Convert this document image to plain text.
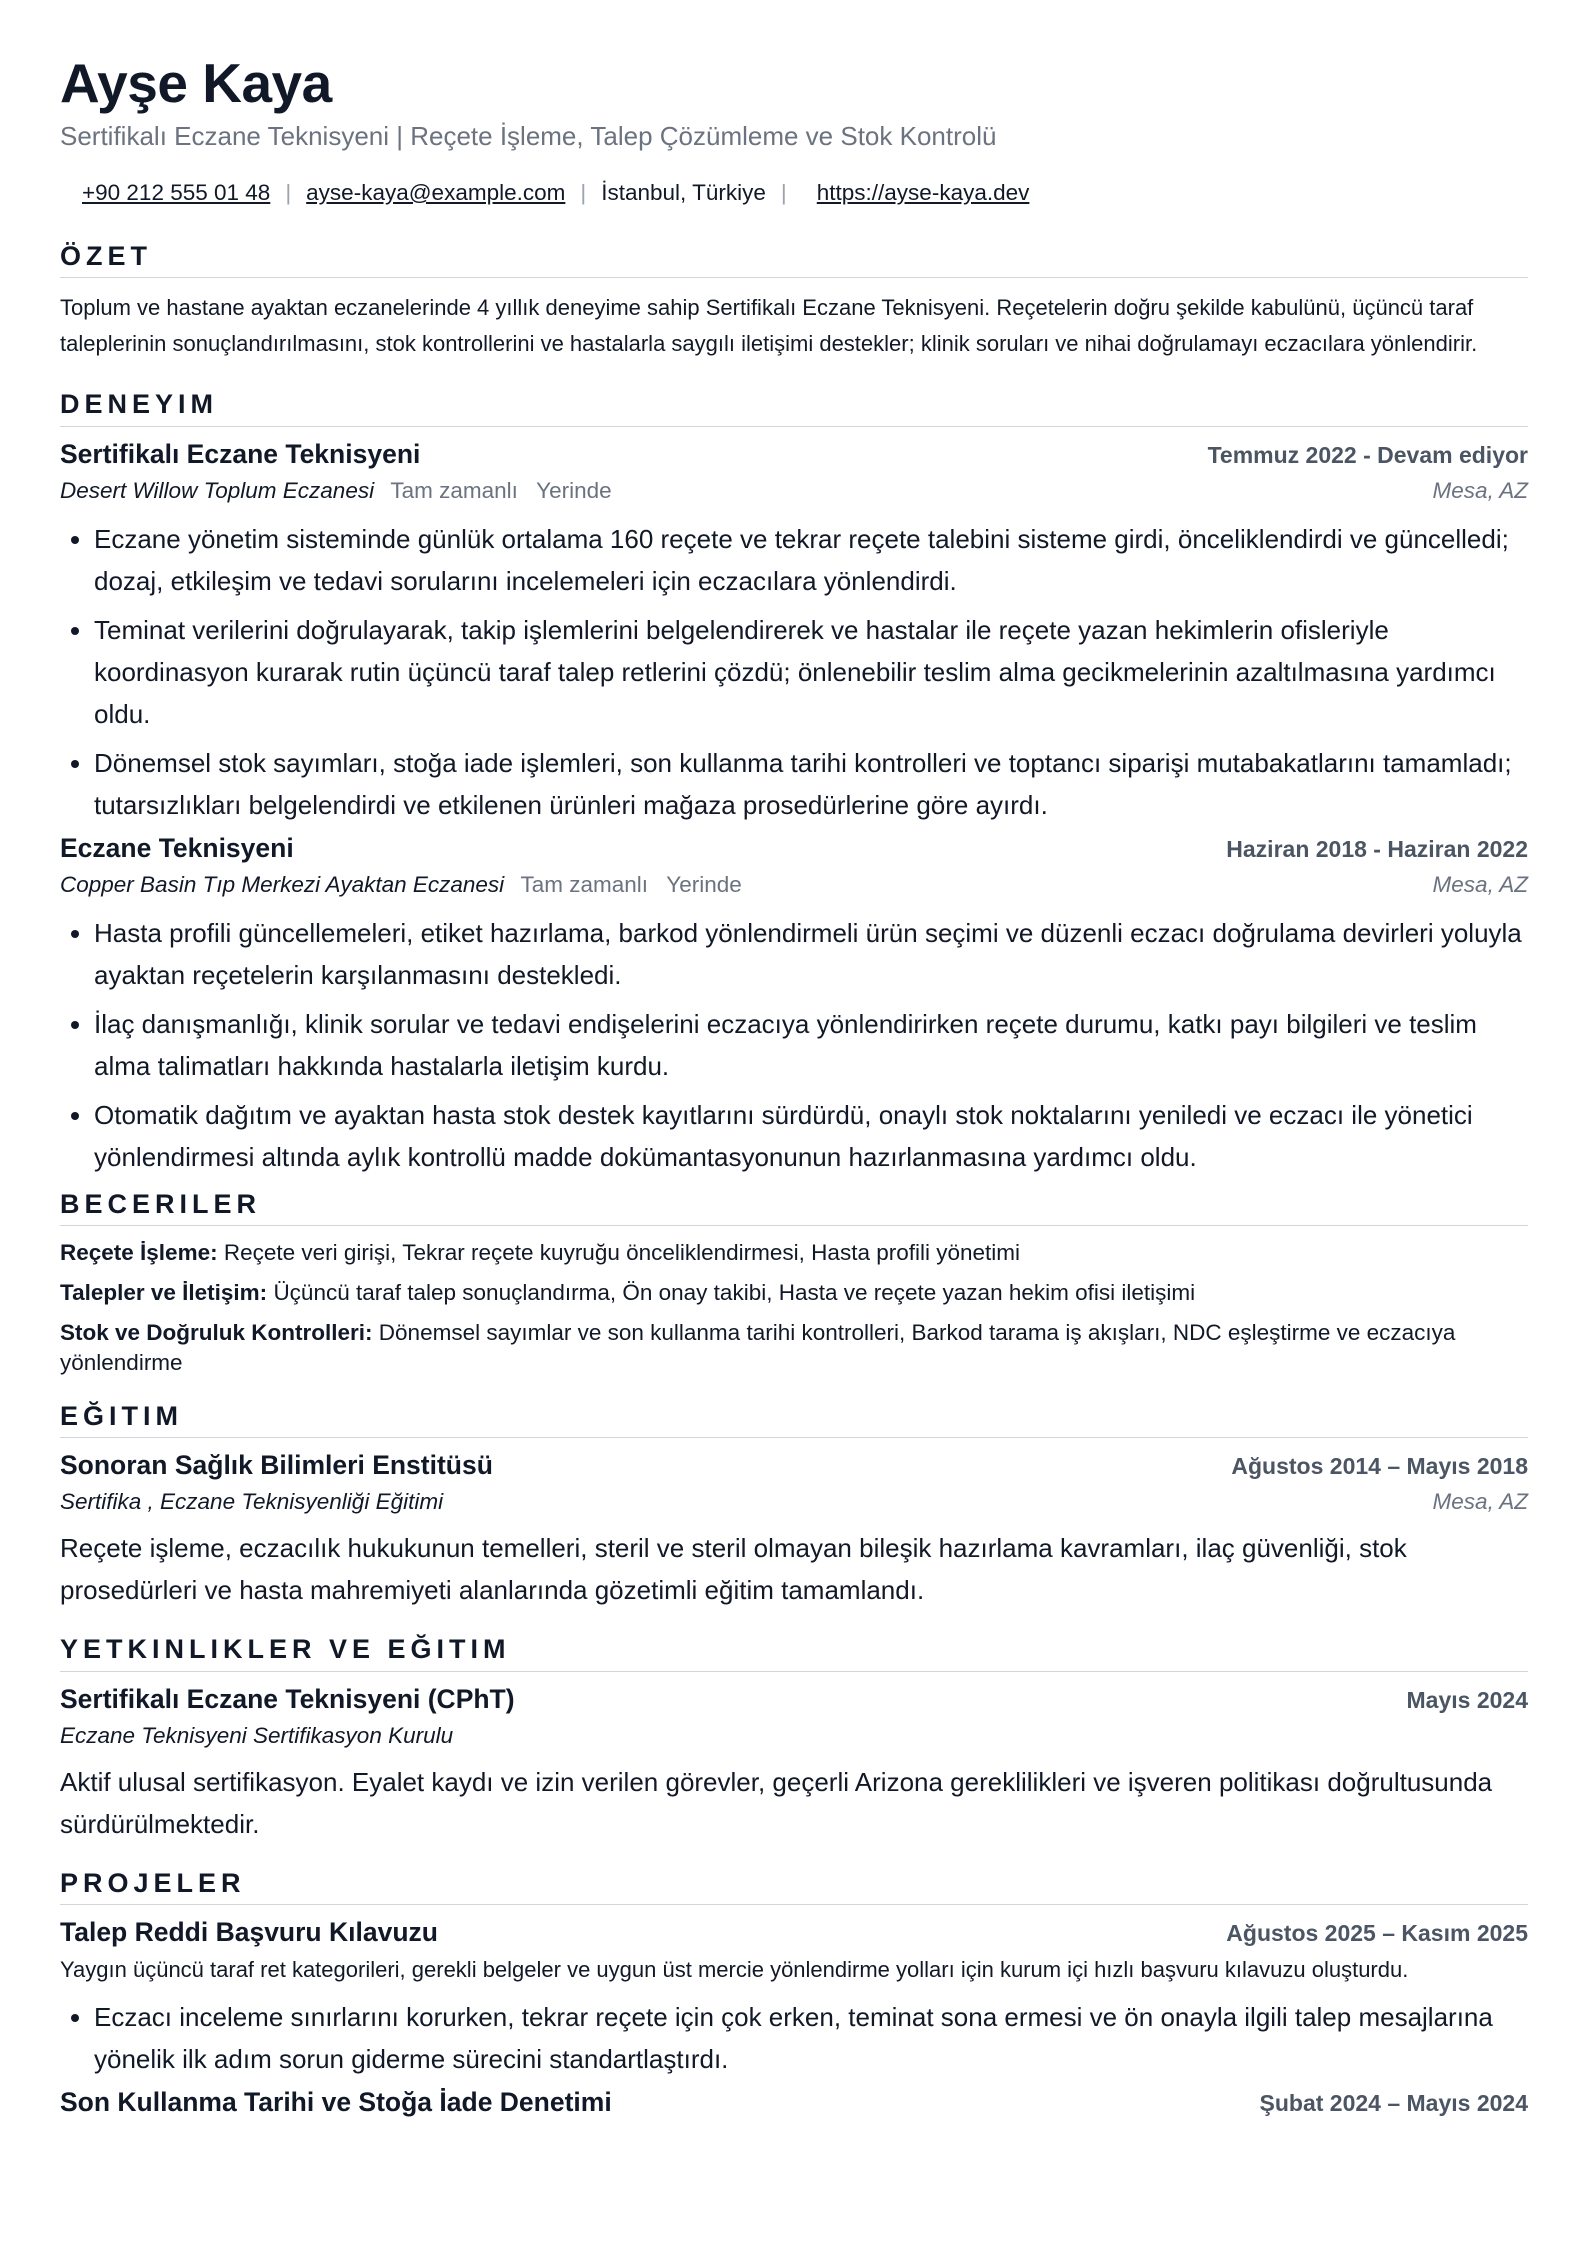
Ayşe Kaya
Sertifikalı Eczane Teknisyeni | Reçete İşleme, Talep Çözümleme ve Stok Kontrolü
+90 212 555 01 48 | ayse-kaya@example.com | İstanbul, Türkiye | https://ayse-kaya.dev
ÖZET
Toplum ve hastane ayaktan eczanelerinde 4 yıllık deneyime sahip Sertifikalı Eczane Teknisyeni. Reçetelerin doğru şekilde kabulünü, üçüncü taraf taleplerinin sonuçlandırılmasını, stok kontrollerini ve hastalarla saygılı iletişimi destekler; klinik soruları ve nihai doğrulamayı eczacılara yönlendirir.
DENEYIM
Sertifikalı Eczane Teknisyeni	Temmuz 2022 - Devam ediyor
Desert Willow Toplum Eczanesi Tam zamanlı Yerinde	Mesa, AZ
• Eczane yönetim sisteminde günlük ortalama 160 reçete ve tekrar reçete talebini sisteme girdi, önceliklendirdi ve güncelledi; dozaj, etkileşim ve tedavi sorularını incelemeleri için eczacılara yönlendirdi.
• Teminat verilerini doğrulayarak, takip işlemlerini belgelendirerek ve hastalar ile reçete yazan hekimlerin ofisleriyle koordinasyon kurarak rutin üçüncü taraf talep retlerini çözdü; önlenebilir teslim alma gecikmelerinin azaltılmasına yardımcı oldu.
• Dönemsel stok sayımları, stoğa iade işlemleri, son kullanma tarihi kontrolleri ve toptancı siparişi mutabakatlarını tamamladı; tutarsızlıkları belgelendirdi ve etkilenen ürünleri mağaza prosedürlerine göre ayırdı.
Eczane Teknisyeni	Haziran 2018 - Haziran 2022
Copper Basin Tıp Merkezi Ayaktan Eczanesi Tam zamanlı Yerinde	Mesa, AZ
• Hasta profili güncellemeleri, etiket hazırlama, barkod yönlendirmeli ürün seçimi ve düzenli eczacı doğrulama devirleri yoluyla ayaktan reçetelerin karşılanmasını destekledi.
• İlaç danışmanlığı, klinik sorular ve tedavi endişelerini eczacıya yönlendirirken reçete durumu, katkı payı bilgileri ve teslim alma talimatları hakkında hastalarla iletişim kurdu.
• Otomatik dağıtım ve ayaktan hasta stok destek kayıtlarını sürdürdü, onaylı stok noktalarını yeniledi ve eczacı ile yönetici yönlendirmesi altında aylık kontrollü madde dokümantasyonunun hazırlanmasına yardımcı oldu.
BECERILER
Reçete İşleme: Reçete veri girişi, Tekrar reçete kuyruğu önceliklendirmesi, Hasta profili yönetimi
Talepler ve İletişim: Üçüncü taraf talep sonuçlandırma, Ön onay takibi, Hasta ve reçete yazan hekim ofisi iletişimi
Stok ve Doğruluk Kontrolleri: Dönemsel sayımlar ve son kullanma tarihi kontrolleri, Barkod tarama iş akışları, NDC eşleştirme ve eczacıya yönlendirme
EĞITIM
Sonoran Sağlık Bilimleri Enstitüsü	Ağustos 2014 – Mayıs 2018
Sertifika , Eczane Teknisyenliği Eğitimi	Mesa, AZ
Reçete işleme, eczacılık hukukunun temelleri, steril ve steril olmayan bileşik hazırlama kavramları, ilaç güvenliği, stok prosedürleri ve hasta mahremiyeti alanlarında gözetimli eğitim tamamlandı.
YETKINLIKLER VE EĞITIM
Sertifikalı Eczane Teknisyeni (CPhT)	Mayıs 2024
Eczane Teknisyeni Sertifikasyon Kurulu
Aktif ulusal sertifikasyon. Eyalet kaydı ve izin verilen görevler, geçerli Arizona gereklilikleri ve işveren politikası doğrultusunda sürdürülmektedir.
PROJELER
Talep Reddi Başvuru Kılavuzu	Ağustos 2025 – Kasım 2025
Yaygın üçüncü taraf ret kategorileri, gerekli belgeler ve uygun üst mercie yönlendirme yolları için kurum içi hızlı başvuru kılavuzu oluşturdu.
• Eczacı inceleme sınırlarını korurken, tekrar reçete için çok erken, teminat sona ermesi ve ön onayla ilgili talep mesajlarına yönelik ilk adım sorun giderme sürecini standartlaştırdı.
Son Kullanma Tarihi ve Stoğa İade Denetimi	Şubat 2024 – Mayıs 2024
